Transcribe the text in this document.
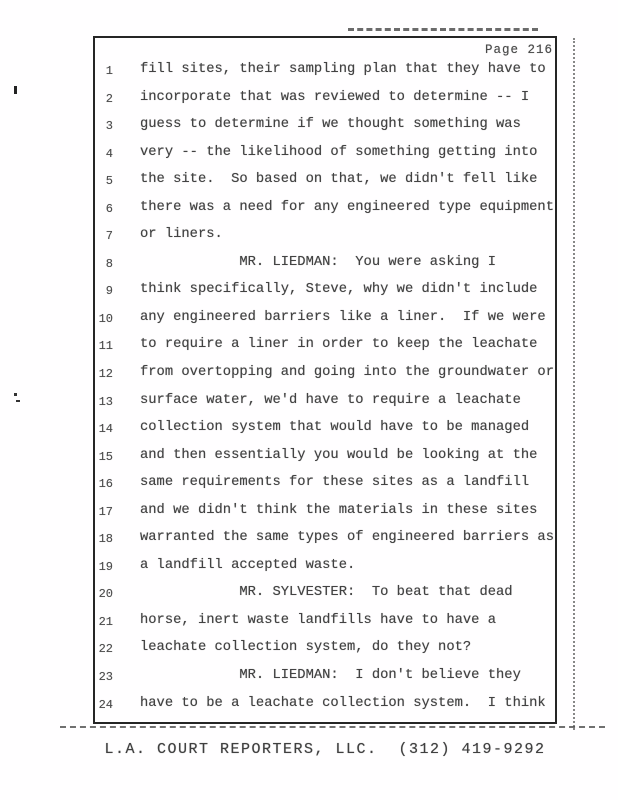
Page 216
1 fill sites, their sampling plan that they have to
2 incorporate that was reviewed to determine -- I
3 guess to determine if we thought something was
4 very -- the likelihood of something getting into
5 the site.  So based on that, we didn't fell like
6 there was a need for any engineered type equipment
7 or liners.
8 MR. LIEDMAN:  You were asking I
9 think specifically, Steve, why we didn't include
10 any engineered barriers like a liner.  If we were
11 to require a liner in order to keep the leachate
12 from overtopping and going into the groundwater or
13 surface water, we'd have to require a leachate
14 collection system that would have to be managed
15 and then essentially you would be looking at the
16 same requirements for these sites as a landfill
17 and we didn't think the materials in these sites
18 warranted the same types of engineered barriers as
19 a landfill accepted waste.
20 MR. SYLVESTER:  To beat that dead
21 horse, inert waste landfills have to have a
22 leachate collection system, do they not?
23 MR. LIEDMAN:  I don't believe they
24 have to be a leachate collection system.  I think
L.A. COURT REPORTERS, LLC.  (312) 419-9292
